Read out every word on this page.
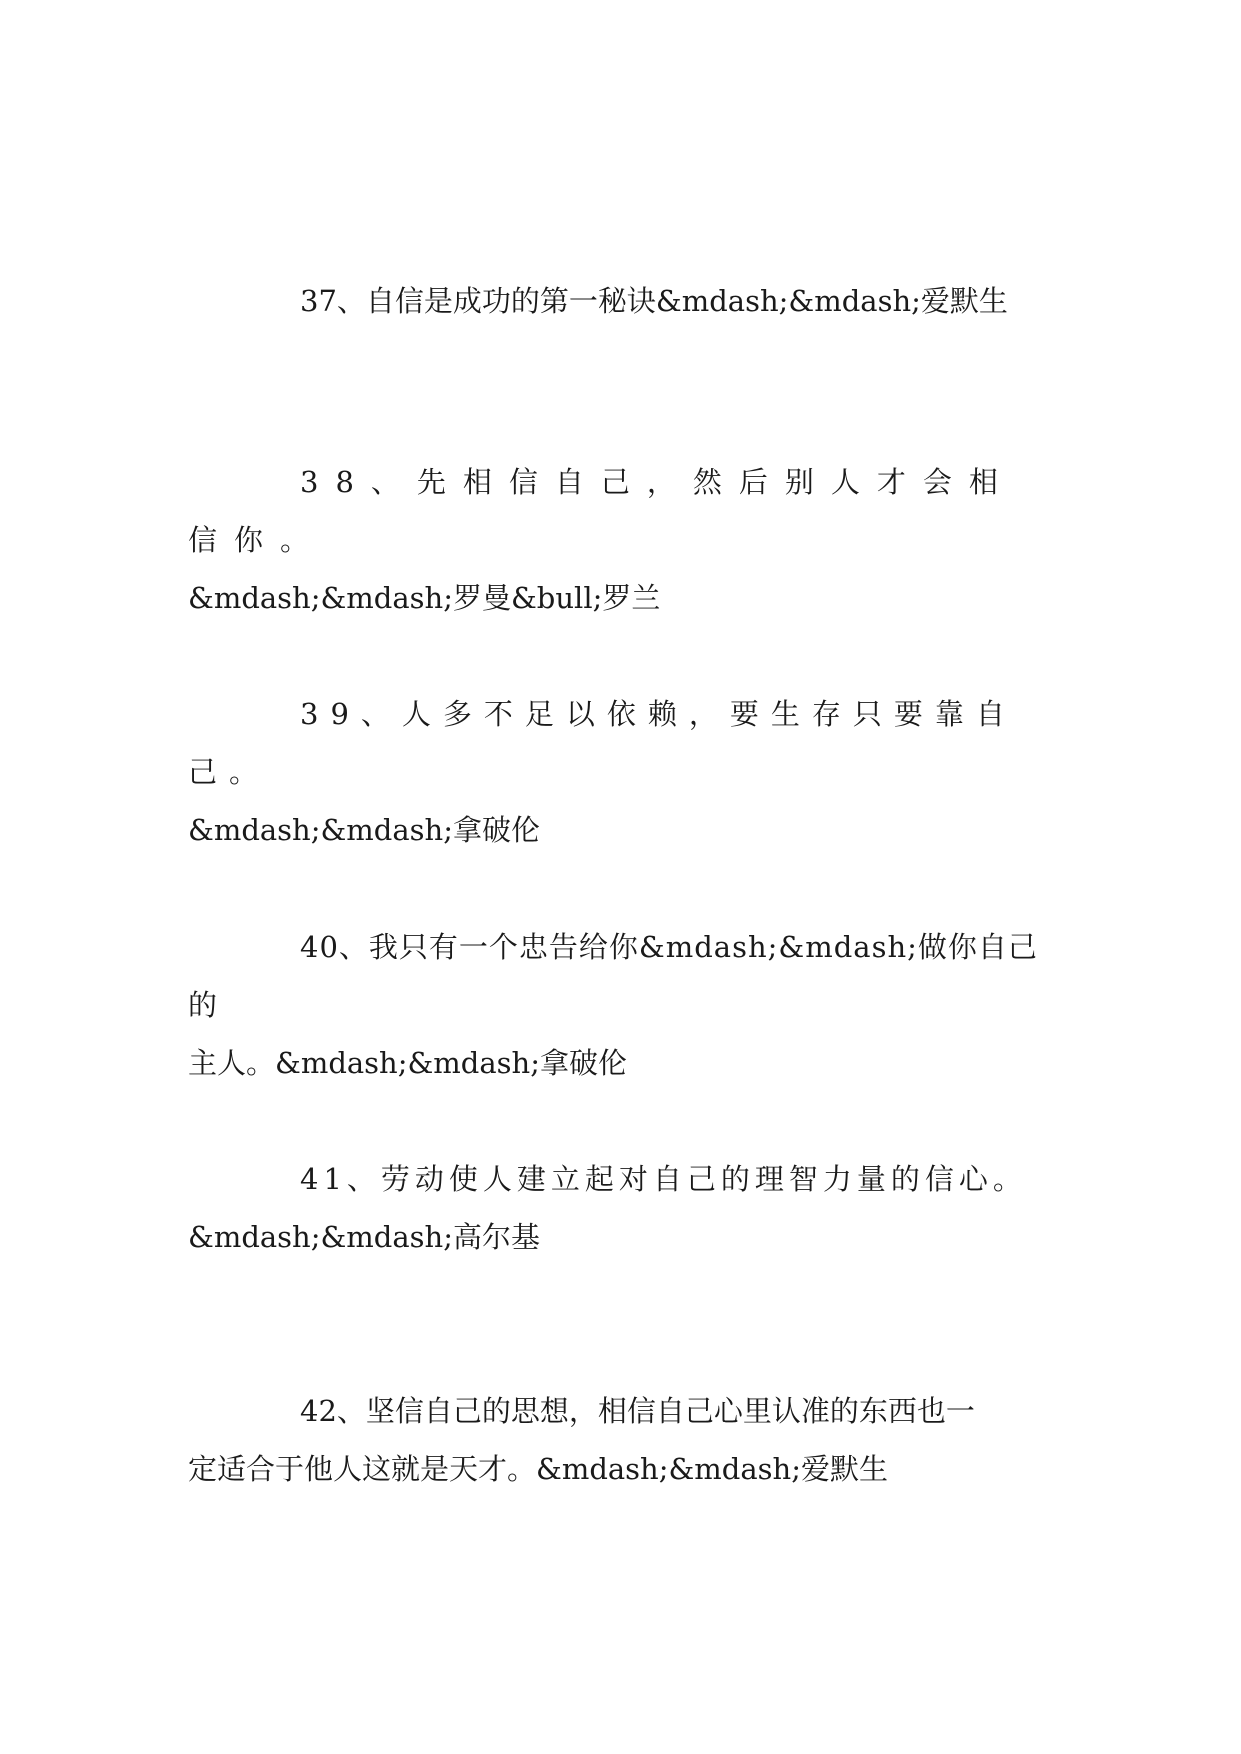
37、自信是成功的第一秘诀&mdash;&mdash;爱默生

38、先相信自己，然后别人才会相信你。
&mdash;&mdash;罗曼&bull;罗兰

39、人多不足以依赖，要生存只要靠自己。
&mdash;&mdash;拿破伦

40、我只有一个忠告给你&mdash;&mdash;做你自己的
主人。&mdash;&mdash;拿破伦

41、劳动使人建立起对自己的理智力量的信心。
&mdash;&mdash;高尔基

42、坚信自己的思想，相信自己心里认准的东西也一
定适合于他人这就是天才。&mdash;&mdash;爱默生
